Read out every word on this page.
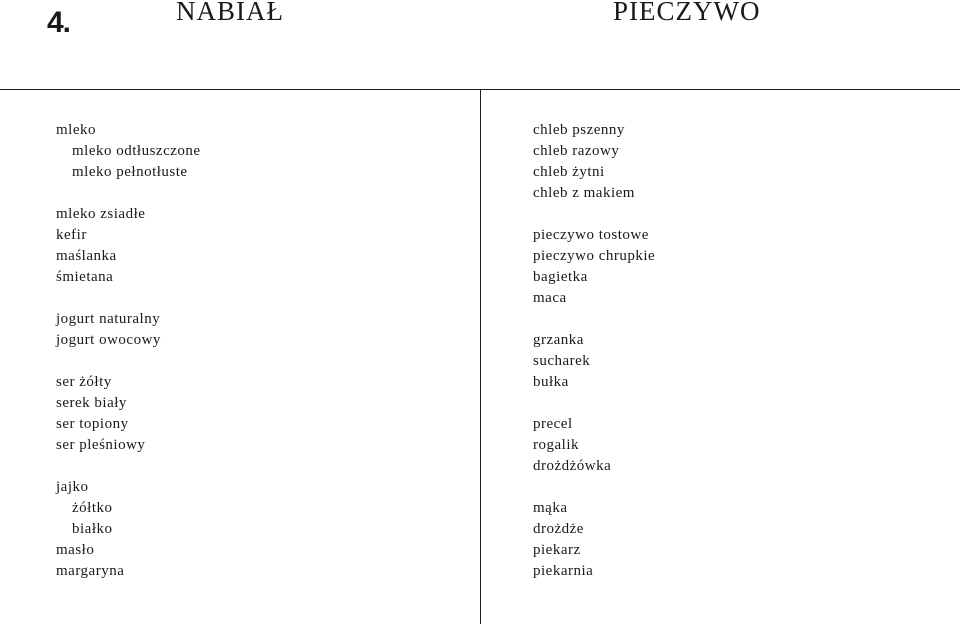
4.	NABIAŁ	PIECZYWO
mleko
mleko odtłuszczone
mleko pełnotłuste
mleko zsiadłe
kefir
maślanka
śmietana
jogurt naturalny
jogurt owocowy
ser żółty
serek biały
ser topiony
ser pleśniowy
jajko
żółtko
białko
masło
margaryna
chleb pszenny
chleb razowy
chleb żytni
chleb z makiem
pieczywo tostowe
pieczywo chrupkie
bagietka
maca
grzanka
sucharek
bułka
precel
rogalik
drożdżówka
mąka
drożdże
piekarz
piekarnia
